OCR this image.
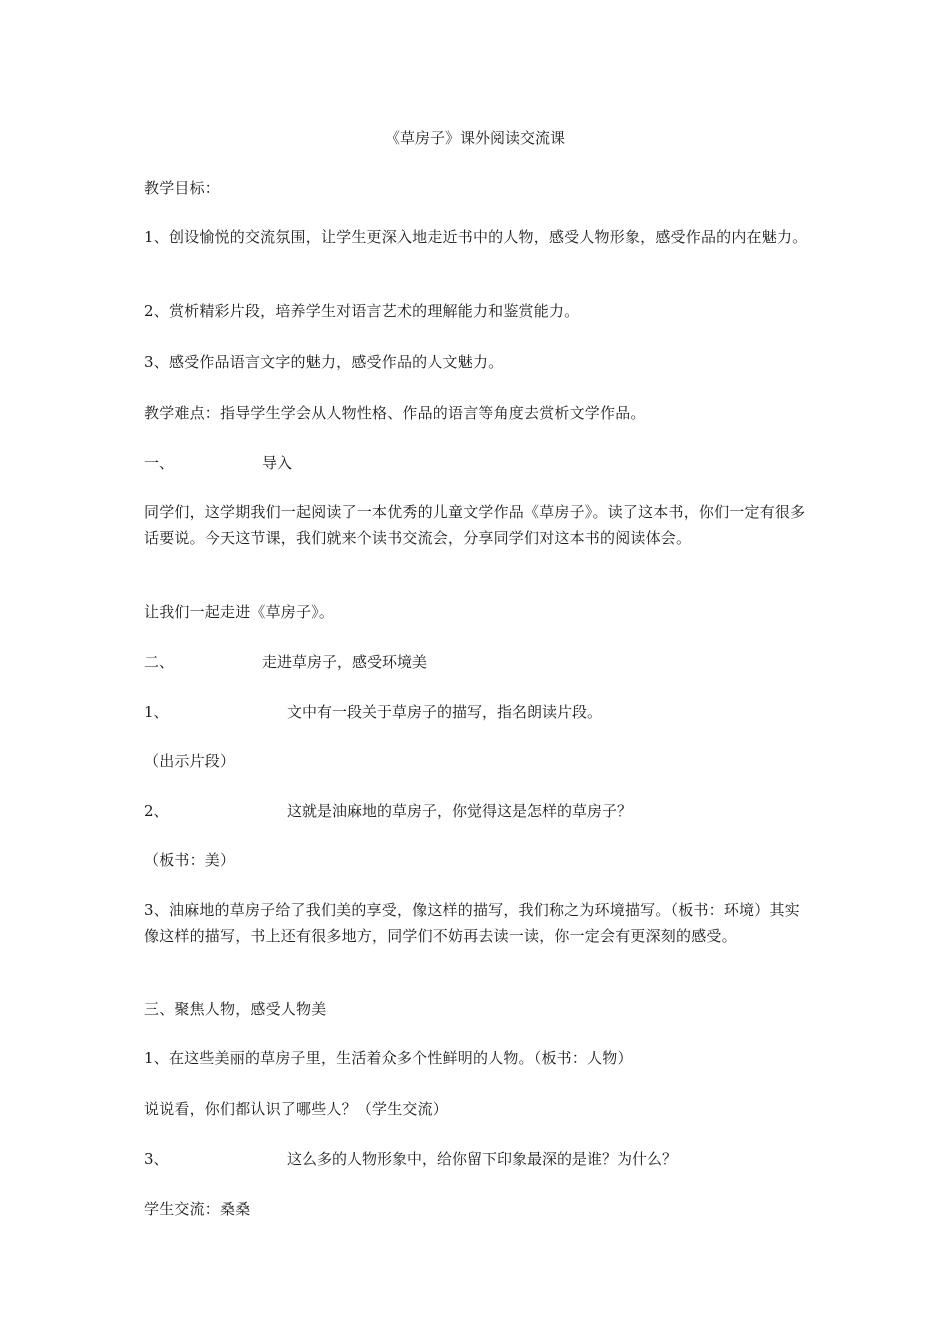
《草房子》课外阅读交流课
教学目标：
1、创设愉悦的交流氛围，让学生更深入地走近书中的人物，感受人物形象，感受作品的内在魅力。
2、赏析精彩片段，培养学生对语言艺术的理解能力和鉴赏能力。
3、感受作品语言文字的魅力，感受作品的人文魅力。
教学难点：指导学生学会从人物性格、作品的语言等角度去赏析文学作品。
一、	导入
同学们，这学期我们一起阅读了一本优秀的儿童文学作品《草房子》。读了这本书，你们一定有很多话要说。今天这节课，我们就来个读书交流会，分享同学们对这本书的阅读体会。
让我们一起走进《草房子》。
二、	走进草房子，感受环境美
1、	文中有一段关于草房子的描写，指名朗读片段。
（出示片段）
2、	这就是油麻地的草房子，你觉得这是怎样的草房子？
（板书：美）
3、油麻地的草房子给了我们美的享受，像这样的描写，我们称之为环境描写。（板书：环境）其实像这样的描写，书上还有很多地方，同学们不妨再去读一读，你一定会有更深刻的感受。
三、聚焦人物，感受人物美
1、在这些美丽的草房子里，生活着众多个性鲜明的人物。（板书：人物）
说说看，你们都认识了哪些人？（学生交流）
3、	这么多的人物形象中，给你留下印象最深的是谁？为什么？
学生交流：桑桑
